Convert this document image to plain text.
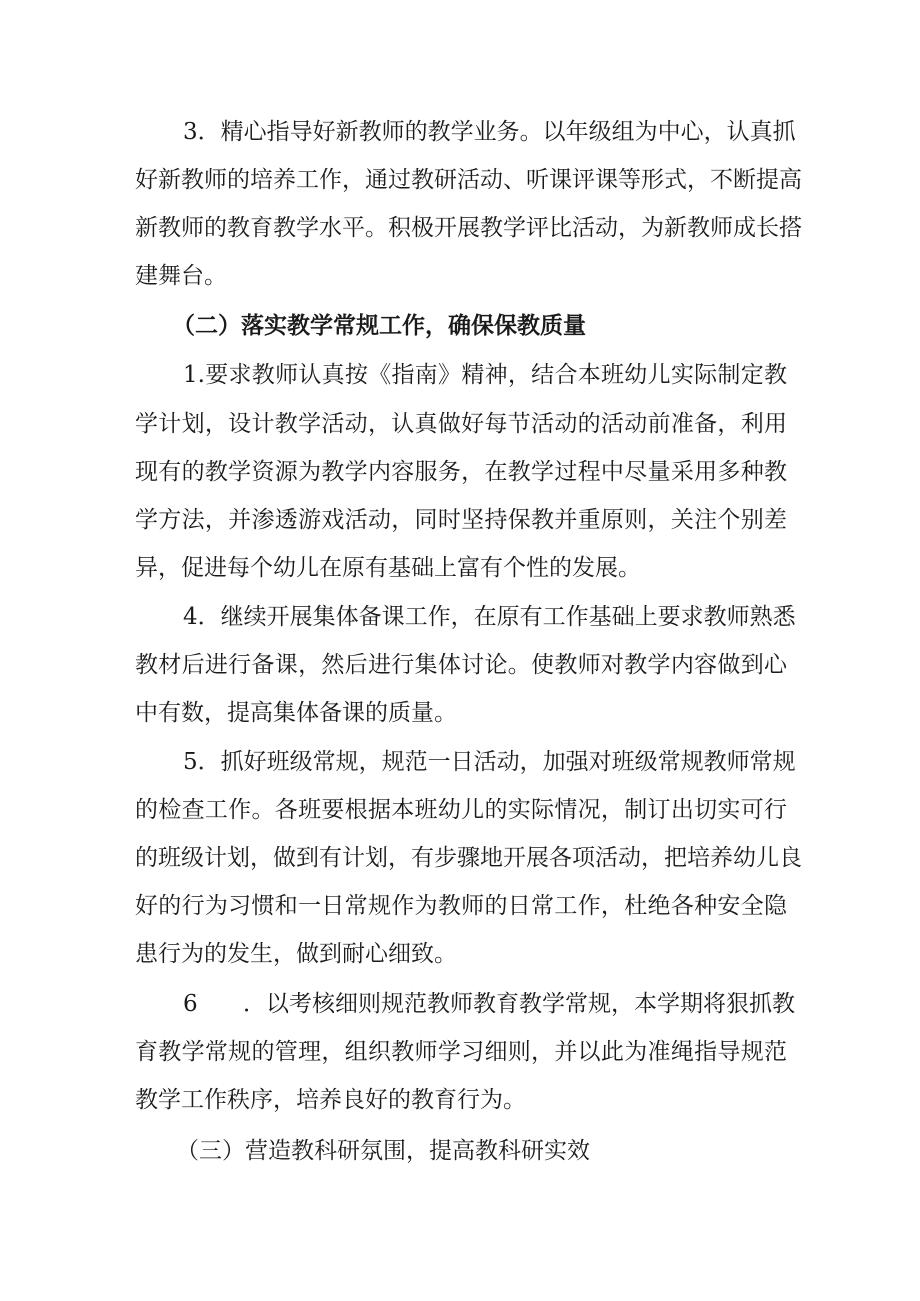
3．精心指导好新教师的教学业务。以年级组为中心，认真抓
好新教师的培养工作，通过教研活动、听课评课等形式，不断提高
新教师的教育教学水平。积极开展教学评比活动，为新教师成长搭
建舞台。
（二）落实教学常规工作，确保保教质量
1.要求教师认真按《指南》精神，结合本班幼儿实际制定教
学计划，设计教学活动，认真做好每节活动的活动前准备，利用
现有的教学资源为教学内容服务，在教学过程中尽量采用多种教
学方法，并渗透游戏活动，同时坚持保教并重原则，关注个别差
异，促进每个幼儿在原有基础上富有个性的发展。
4．继续开展集体备课工作，在原有工作基础上要求教师熟悉
教材后进行备课，然后进行集体讨论。使教师对教学内容做到心
中有数，提高集体备课的质量。
5．抓好班级常规，规范一日活动，加强对班级常规教师常规
的检查工作。各班要根据本班幼儿的实际情况，制订出切实可行
的班级计划，做到有计划，有步骤地开展各项活动，把培养幼儿良
好的行为习惯和一日常规作为教师的日常工作，杜绝各种安全隐
患行为的发生，做到耐心细致。
6 ．以考核细则规范教师教育教学常规，本学期将狠抓教
育教学常规的管理，组织教师学习细则，并以此为准绳指导规范
教学工作秩序，培养良好的教育行为。
（三）营造教科研氛围，提高教科研实效
